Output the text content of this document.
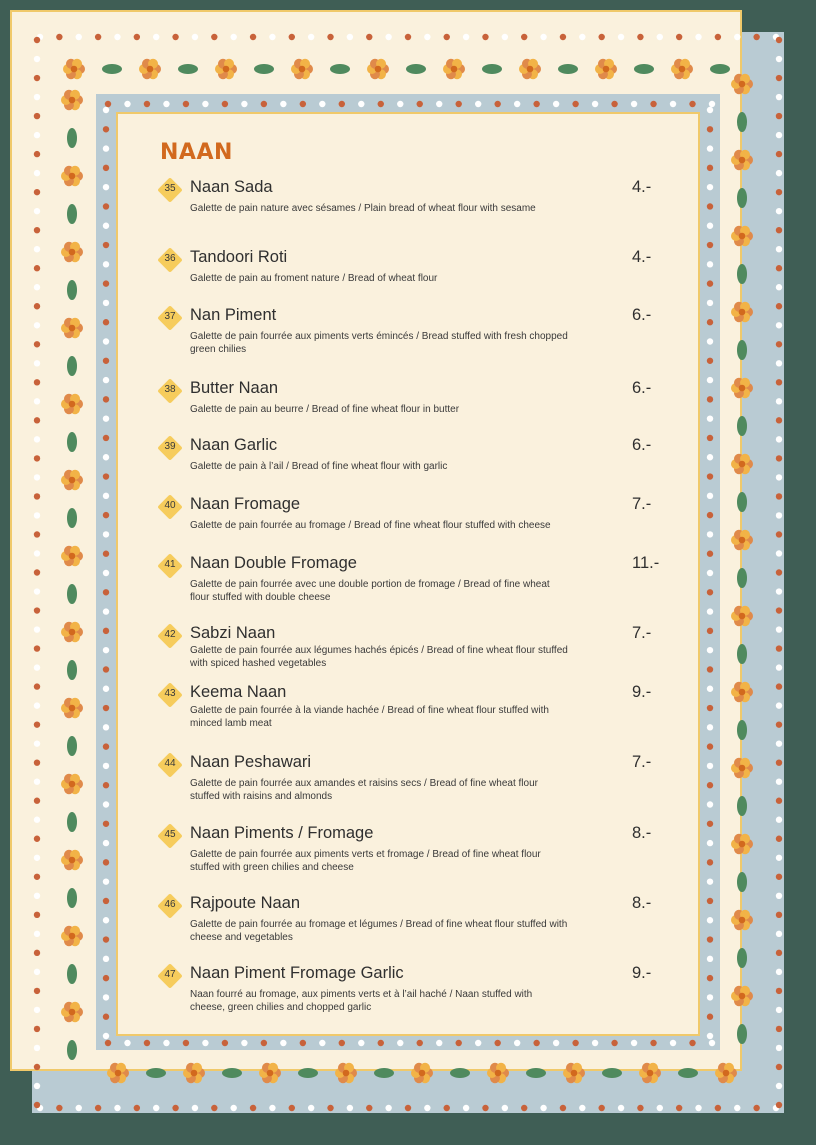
NAAN
35 Naan Sada	4.-
Galette de pain nature avec sésames / Plain bread of wheat flour with sesame
36 Tandoori Roti	4.-
Galette de pain au froment nature / Bread of wheat flour
37 Nan Piment	6.-
Galette de pain fourrée aux piments verts émincés / Bread stuffed with fresh chopped green chilies
38 Butter Naan	6.-
Galette de pain au beurre / Bread of fine wheat flour in butter
39 Naan Garlic	6.-
Galette de pain à l’ail / Bread of fine wheat flour with garlic
40 Naan Fromage	7.-
Galette de pain fourrée au fromage / Bread of fine wheat flour stuffed with cheese
41 Naan Double Fromage	11.-
Galette de pain fourrée avec une double portion de fromage / Bread of fine wheat flour stuffed with double cheese
42 Sabzi Naan	7.-
Galette de pain fourrée aux légumes hachés épicés / Bread of fine wheat flour stuffed with spiced hashed vegetables
43 Keema Naan	9.-
Galette de pain fourrée à la viande hachée / Bread of fine wheat flour stuffed with minced lamb meat
44 Naan Peshawari	7.-
Galette de pain fourrée aux amandes et raisins secs / Bread of fine wheat flour stuffed with raisins and almonds
45 Naan Piments / Fromage	8.-
Galette de pain fourrée aux piments verts et fromage / Bread of fine wheat flour stuffed with green chilies and cheese
46 Rajpoute Naan	8.-
Galette de pain fourrée au fromage et légumes / Bread of fine wheat flour stuffed with cheese and vegetables
47 Naan Piment Fromage Garlic	9.-
Naan fourré au fromage, aux piments verts et à l’ail haché / Naan stuffed with cheese, green chilies and chopped garlic
